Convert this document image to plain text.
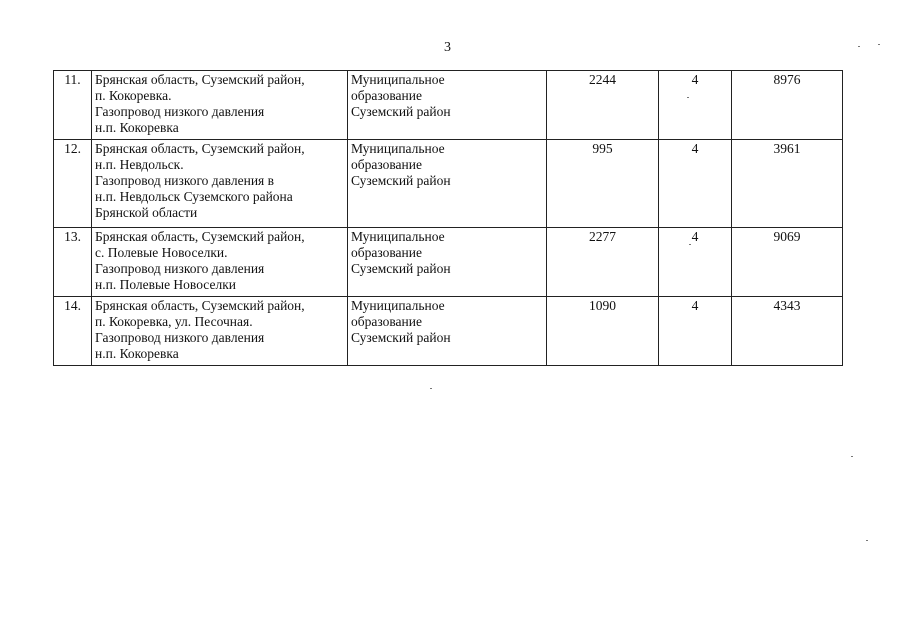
3
11.	Брянская область, Суземский район,
п. Кокоревка.
Газопровод низкого давления
н.п. Кокоревка	Муниципальное
образование
Суземский район	2244	4	8976
12.	Брянская область, Суземский район,
н.п. Невдольск.
Газопровод низкого давления в
н.п. Невдольск Суземского района
Брянской области	Муниципальное
образование
Суземский район	995	4	3961
13.	Брянская область, Суземский район,
с. Полевые Новоселки.
Газопровод низкого давления
н.п. Полевые Новоселки	Муниципальное
образование
Суземский район	2277	4	9069
14.	Брянская область, Суземский район,
п. Кокоревка, ул. Песочная.
Газопровод низкого давления
н.п. Кокоревка	Муниципальное
образование
Суземский район	1090	4	4343
